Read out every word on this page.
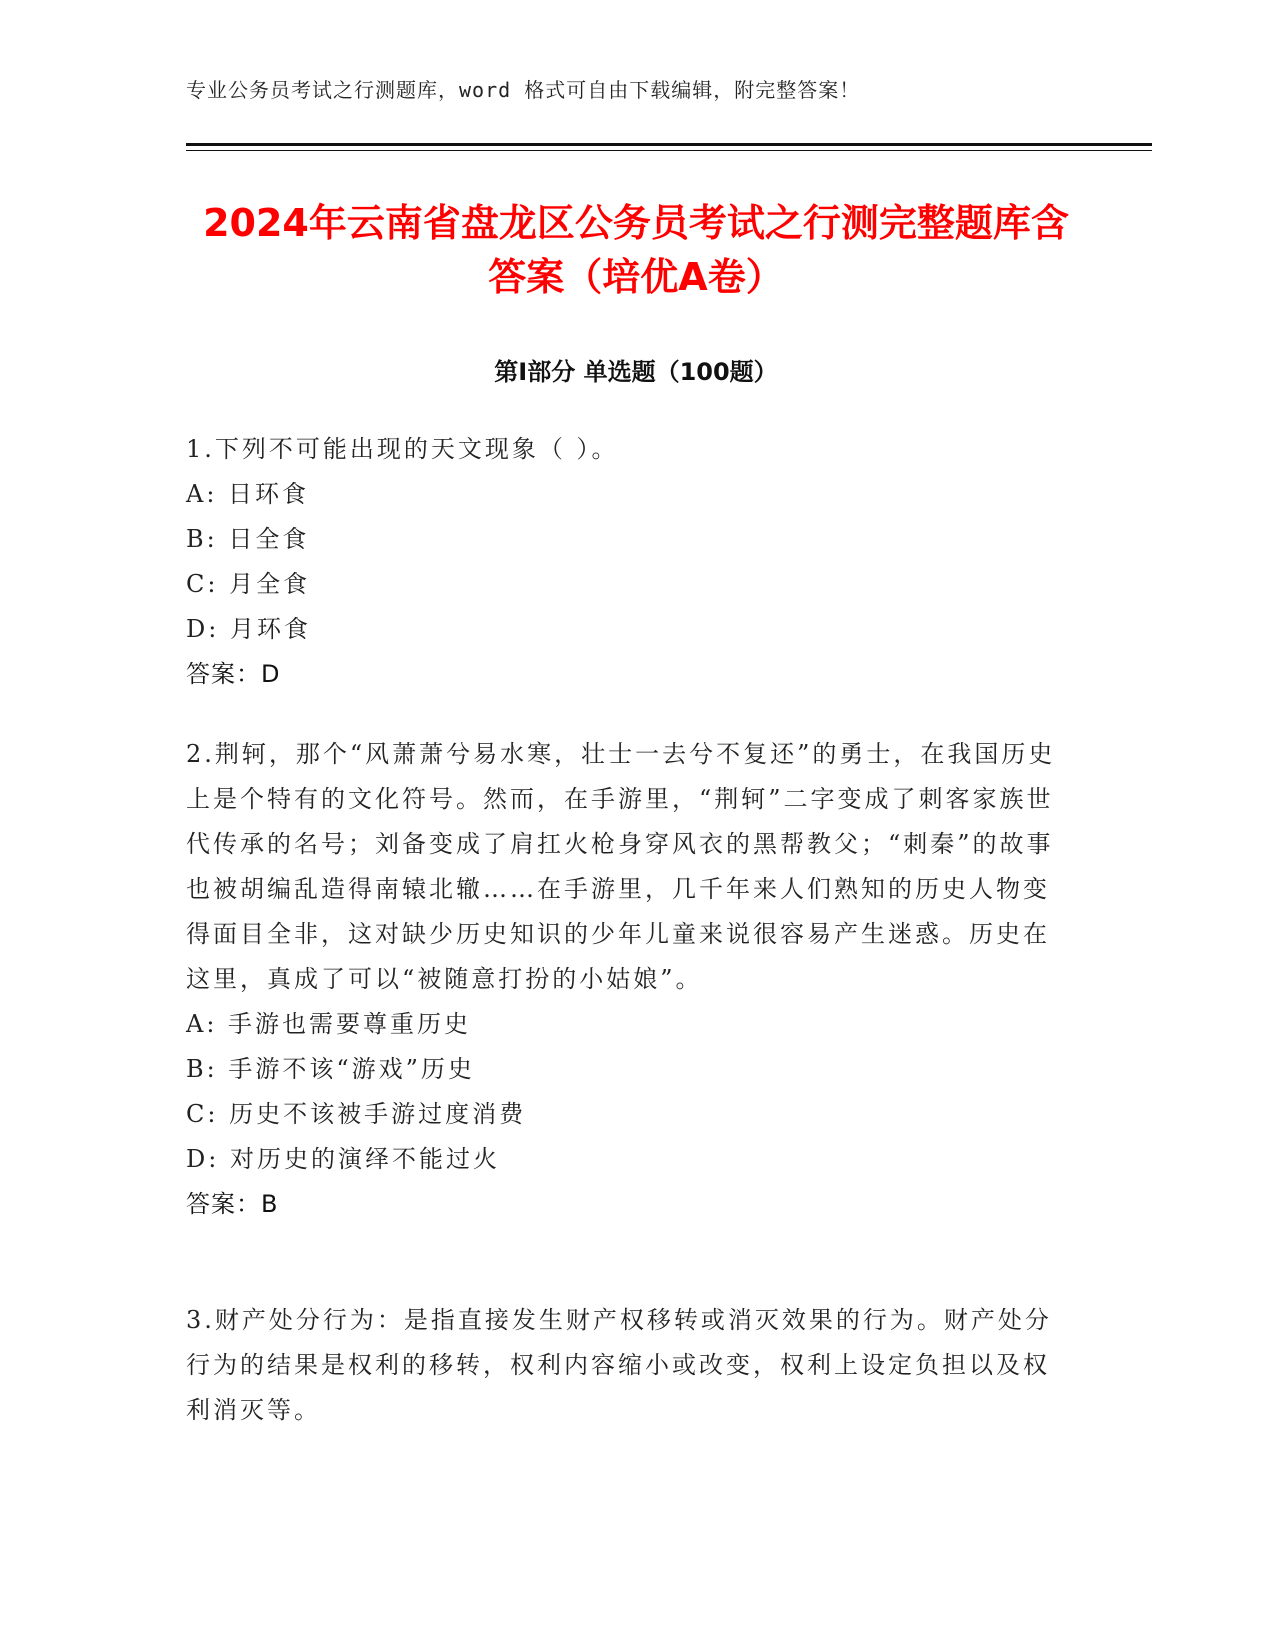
专业公务员考试之行测题库，word 格式可自由下载编辑，附完整答案！
2024年云南省盘龙区公务员考试之行测完整题库含答案（培优A卷）
第Ⅰ部分 单选题（100题）

1.下列不可能出现的天文现象（ ）。

A: 日环食

B: 日全食

C: 月全食

D: 月环食

答案：D

2.荆轲，那个“风萧萧兮易水寒，壮士一去兮不复还”的勇士，在我国历史上是个特有的文化符号。然而，在手游里，“荆轲”二字变成了刺客家族世代传承的名号；刘备变成了肩扛火枪身穿风衣的黑帮教父；“刺秦”的故事也被胡编乱造得南辕北辙……在手游里，几千年来人们熟知的历史人物变得面目全非，这对缺少历史知识的少年儿童来说很容易产生迷惑。历史在这里，真成了可以“被随意打扮的小姑娘”。

A: 手游也需要尊重历史

B: 手游不该“游戏”历史

C: 历史不该被手游过度消费

D: 对历史的演绎不能过火

答案：B

3.财产处分行为：是指直接发生财产权移转或消灭效果的行为。财产处分行为的结果是权利的移转，权利内容缩小或改变，权利上设定负担以及权利消灭等。
